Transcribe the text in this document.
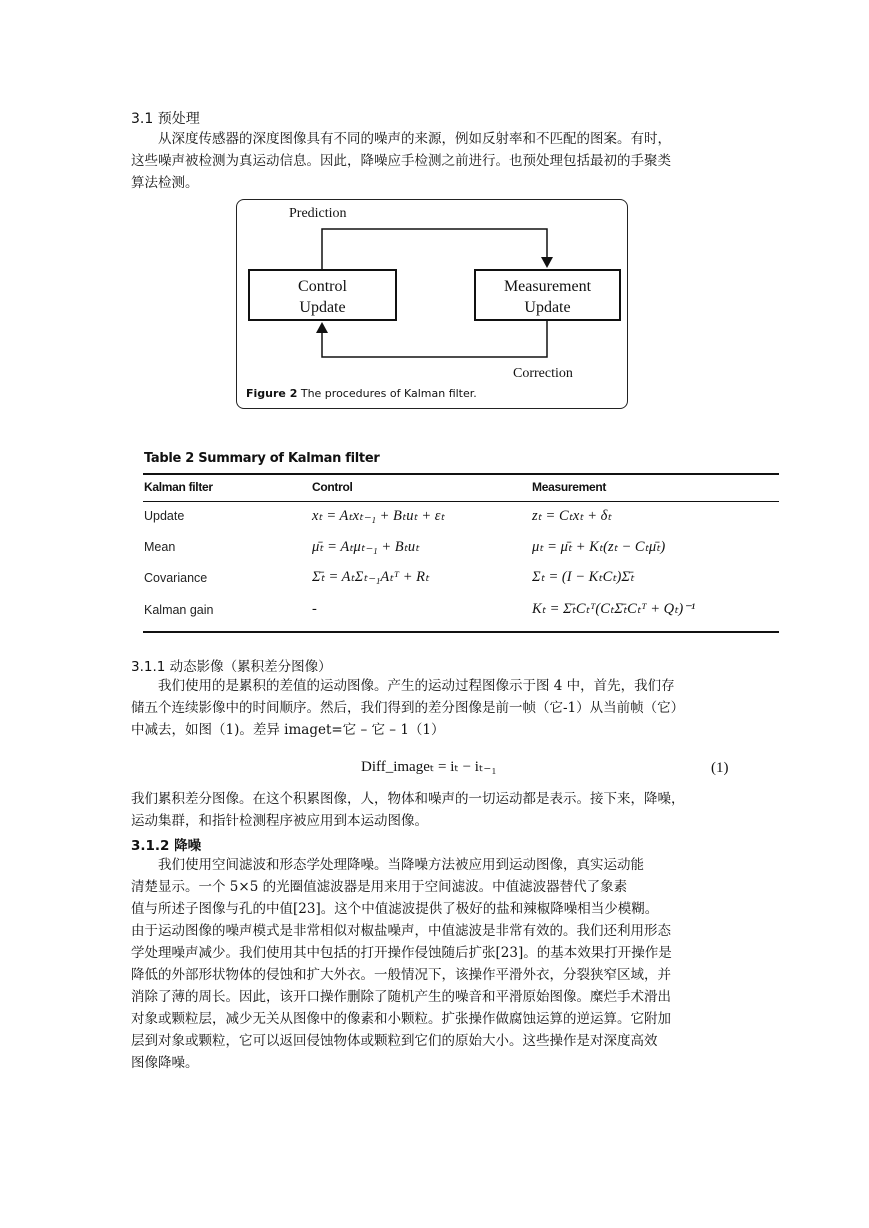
3.1 预处理

从深度传感器的深度图像具有不同的噪声的来源，例如反射率和不匹配的图案。有时，

这些噪声被检测为真运动信息。因此，降噪应手检测之前进行。也预处理包括最初的手聚类

算法检测。

Prediction
Control
Update
Measurement
Update
Correction
Figure 2 The procedures of Kalman filter.
Table 2 Summary of Kalman filter
Kalman filter	Control	Measurement
Update	xₜ = Aₜxₜ₋₁ + Bₜuₜ + εₜ	zₜ = Cₜxₜ + δₜ
Mean	μ̄ₜ = Aₜμₜ₋₁ + Bₜuₜ	μₜ = μ̄ₜ + Kₜ(zₜ − Cₜμ̄ₜ)
Covariance	Σ̄ₜ = AₜΣₜ₋₁Aₜᵀ + Rₜ	Σₜ = (I − KₜCₜ)Σ̄ₜ
Kalman gain	-	Kₜ = Σ̄ₜCₜᵀ(CₜΣ̄ₜCₜᵀ + Qₜ)⁻¹
3.1.1 动态影像（累积差分图像）

我们使用的是累积的差值的运动图像。产生的运动过程图像示于图 4 中，首先，我们存

储五个连续影像中的时间顺序。然后，我们得到的差分图像是前一帧（它-1）从当前帧（它）

中减去，如图（1)。差异 imaget=它 – 它 – 1（1）

Diff_imageₜ = iₜ − iₜ₋₁	(1)

我们累积差分图像。在这个积累图像，人，物体和噪声的一切运动都是表示。接下来，降噪，

运动集群，和指针检测程序被应用到本运动图像。

3.1.2 降噪

我们使用空间滤波和形态学处理降噪。当降噪方法被应用到运动图像，真实运动能

清楚显示。一个 5×5 的光圈值滤波器是用来用于空间滤波。中值滤波器替代了象素

值与所述子图像与孔的中值[23]。这个中值滤波提供了极好的盐和辣椒降噪相当少模糊。

由于运动图像的噪声模式是非常相似对椒盐噪声，中值滤波是非常有效的。我们还利用形态

学处理噪声减少。我们使用其中包括的打开操作侵蚀随后扩张[23]。的基本效果打开操作是

降低的外部形状物体的侵蚀和扩大外衣。一般情况下，该操作平滑外衣，分裂狭窄区域，并

消除了薄的周长。因此，该开口操作删除了随机产生的噪音和平滑原始图像。糜烂手术滑出

对象或颗粒层，减少无关从图像中的像素和小颗粒。扩张操作做腐蚀运算的逆运算。它附加

层到对象或颗粒，它可以返回侵蚀物体或颗粒到它们的原始大小。这些操作是对深度高效

图像降噪。
